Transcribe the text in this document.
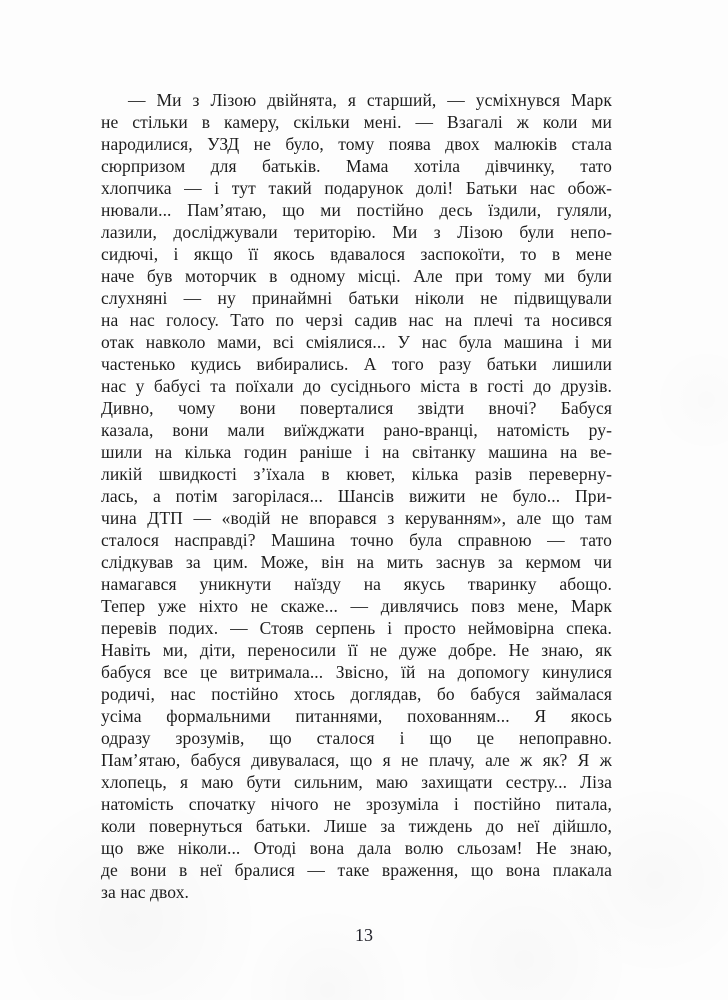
— Ми з Лізою двійнята, я старший, — усміхнувся Марк
не стільки в камеру, скільки мені. — Взагалі ж коли ми
народилися, УЗД не було, тому поява двох малюків стала
сюрпризом для батьків. Мама хотіла дівчинку, тато
хлопчика — і тут такий подарунок долі! Батьки нас обож-
нювали... Пам’ятаю, що ми постійно десь їздили, гуляли,
лазили, досліджували територію. Ми з Лізою були непо-
сидючі, і якщо її якось вдавалося заспокоїти, то в мене
наче був моторчик в одному місці. Але при тому ми були
слухняні — ну принаймні батьки ніколи не підвищували
на нас голосу. Тато по черзі садив нас на плечі та носився
отак навколо мами, всі сміялися... У нас була машина і ми
частенько кудись вибирались. А того разу батьки лишили
нас у бабусі та поїхали до сусіднього міста в гості до друзів.
Дивно, чому вони поверталися звідти вночі? Бабуся
казала, вони мали виїжджати рано-вранці, натомість ру-
шили на кілька годин раніше і на світанку машина на ве-
ликій швидкості з’їхала в кювет, кілька разів переверну-
лась, а потім загорілася... Шансів вижити не було... При-
чина ДТП — «водій не впорався з керуванням», але що там
сталося насправді? Машина точно була справною — тато
слідкував за цим. Може, він на мить заснув за кермом чи
намагався уникнути наїзду на якусь тваринку абощо.
Тепер уже ніхто не скаже... — дивлячись повз мене, Марк
перевів подих. — Стояв серпень і просто неймовірна спека.
Навіть ми, діти, переносили її не дуже добре. Не знаю, як
бабуся все це витримала... Звісно, їй на допомогу кинулися
родичі, нас постійно хтось доглядав, бо бабуся займалася
усіма формальними питаннями, похованням... Я якось
одразу зрозумів, що сталося і що це непоправно.
Пам’ятаю, бабуся дивувалася, що я не плачу, але ж як? Я ж
хлопець, я маю бути сильним, маю захищати сестру... Ліза
натомість спочатку нічого не зрозуміла і постійно питала,
коли повернуться батьки. Лише за тиждень до неї дійшло,
що вже ніколи... Отоді вона дала волю сльозам! Не знаю,
де вони в неї бралися — таке враження, що вона плакала
за нас двох.
13
